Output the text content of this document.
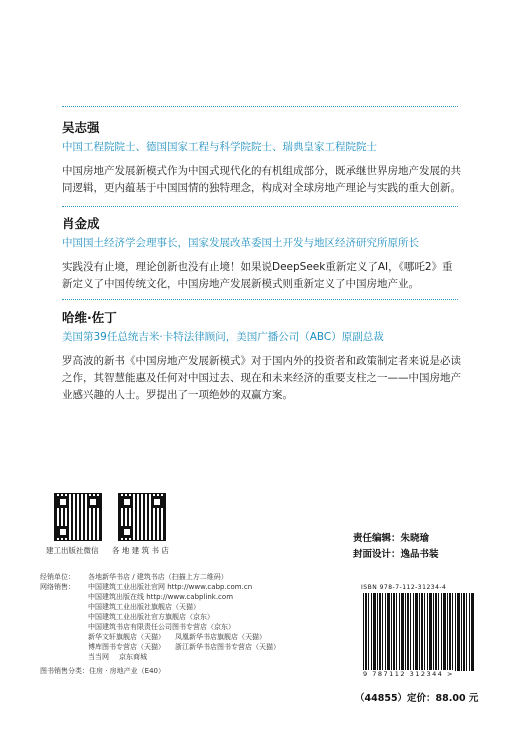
吴志强
中国工程院院士、德国国家工程与科学院院士、瑞典皇家工程院院士
中国房地产发展新模式作为中国式现代化的有机组成部分，既承继世界房地产发展的共
同逻辑，更内蕴基于中国国情的独特理念，构成对全球房地产理论与实践的重大创新。
肖金成
中国国土经济学会理事长，国家发展改革委国土开发与地区经济研究所原所长
实践没有止境，理论创新也没有止境！如果说DeepSeek重新定义了AI，《哪吒2》重
新定义了中国传统文化，中国房地产发展新模式则重新定义了中国房地产业。
哈维·佐丁
美国第39任总统吉米·卡特法律顾问，美国广播公司（ABC）原副总裁
罗高波的新书《中国房地产发展新模式》对于国内外的投资者和政策制定者来说是必读
之作，其智慧能惠及任何对中国过去、现在和未来经济的重要支柱之一——中国房地产
业感兴趣的人士。罗提出了一项绝妙的双赢方案。
建工出版社微信 各 地 建 筑 书 店
责任编辑：朱晓瑜
封面设计：逸品书装
经销单位： 各地新华书店 / 建筑书店（扫描上方二维码）
网络销售： 中国建筑工业出版社官网 http://www.cabp.com.cn
中国建筑出版在线 http://www.cabplink.com
中国建筑工业出版社旗舰店（天猫）
中国建筑工业出版社官方旗舰店（京东）
中国建筑书店有限责任公司图书专营店（京东）
新华文轩旗舰店（天猫） 凤凰新华书店旗舰店（天猫）
博库图书专营店（天猫） 浙江新华书店图书专营店（天猫）
当当网 京东商城
图书销售分类：住房 · 房地产业（E40）
ISBN 978-7-112-31234-4
9 787112 312344 >
（44855）定价：88.00 元
